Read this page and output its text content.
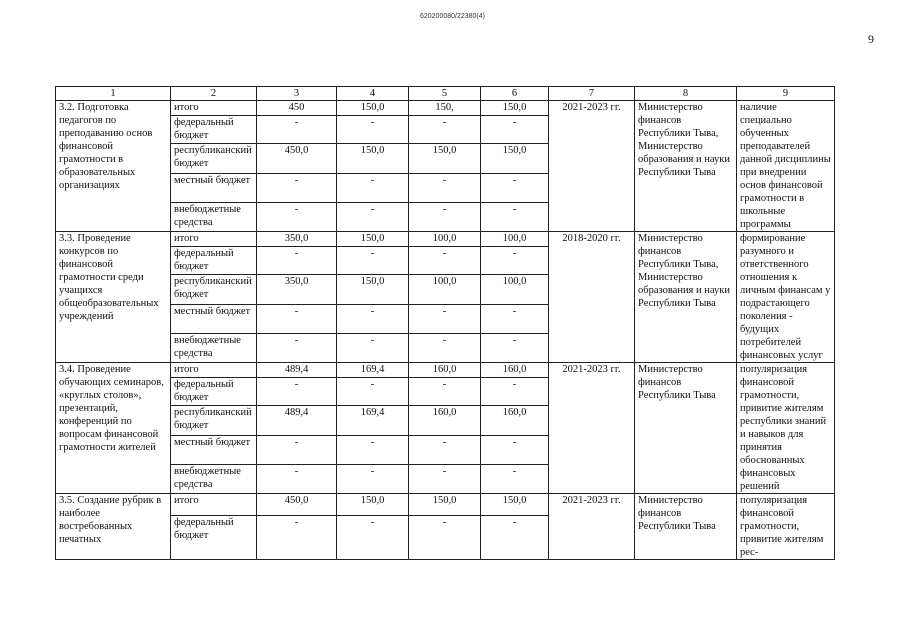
620200080/22380(4)
9
1	2	3	4	5	6	7	8	9
3.2. Подготовка педагогов по преподаванию основ финансовой грамотности в образовательных организациях	итого	450	150,0	150,	150,0	2021-2023 гг.	Министерство финансов Республики Тыва, Министерство образования и науки Республики Тыва	наличие специально обученных преподавателей данной дисциплины при внедрении основ финансовой грамотности в школьные программы
	федеральный бюджет	-	-	-	-			
	республиканский бюджет	450,0	150,0	150,0	150,0			
	местный бюджет	-	-	-	-			
	внебюджетные средства	-	-	-	-			
3.3. Проведение конкурсов по финансовой грамотности среди учащихся общеобразовательных учреждений	итого	350,0	150,0	100,0	100,0	2018-2020 гг.	Министерство финансов Республики Тыва, Министерство образования и науки Республики Тыва	формирование разумного и ответственного отношения к личным финансам у подрастающего поколения - будущих потребителей финансовых услуг
	федеральный бюджет	-	-	-	-			
	республиканский бюджет	350,0	150,0	100,0	100,0			
	местный бюджет	-	-	-	-			
	внебюджетные средства	-	-	-	-			
3.4. Проведение обучающих семинаров, «круглых столов», презентаций, конференций по вопросам финансовой грамотности жителей	итого	489,4	169,4	160,0	160,0	2021-2023 гг.	Министерство финансов Республики Тыва	популяризация финансовой грамотности, привитие жителям республики знаний и навыков для принятия обоснованных финансовых решений
	федеральный бюджет	-	-	-	-			
	республиканский бюджет	489,4	169,4	160,0	160,0			
	местный бюджет	-	-	-	-			
	внебюджетные средства	-	-	-	-			
3.5. Создание рубрик в наиболее востребованных печатных	итого	450,0	150,0	150,0	150,0	2021-2023 гг.	Министерство финансов Республики Тыва	популяризация финансовой грамотности, привитие жителям рес-
	федеральный бюджет	-	-	-	-			
